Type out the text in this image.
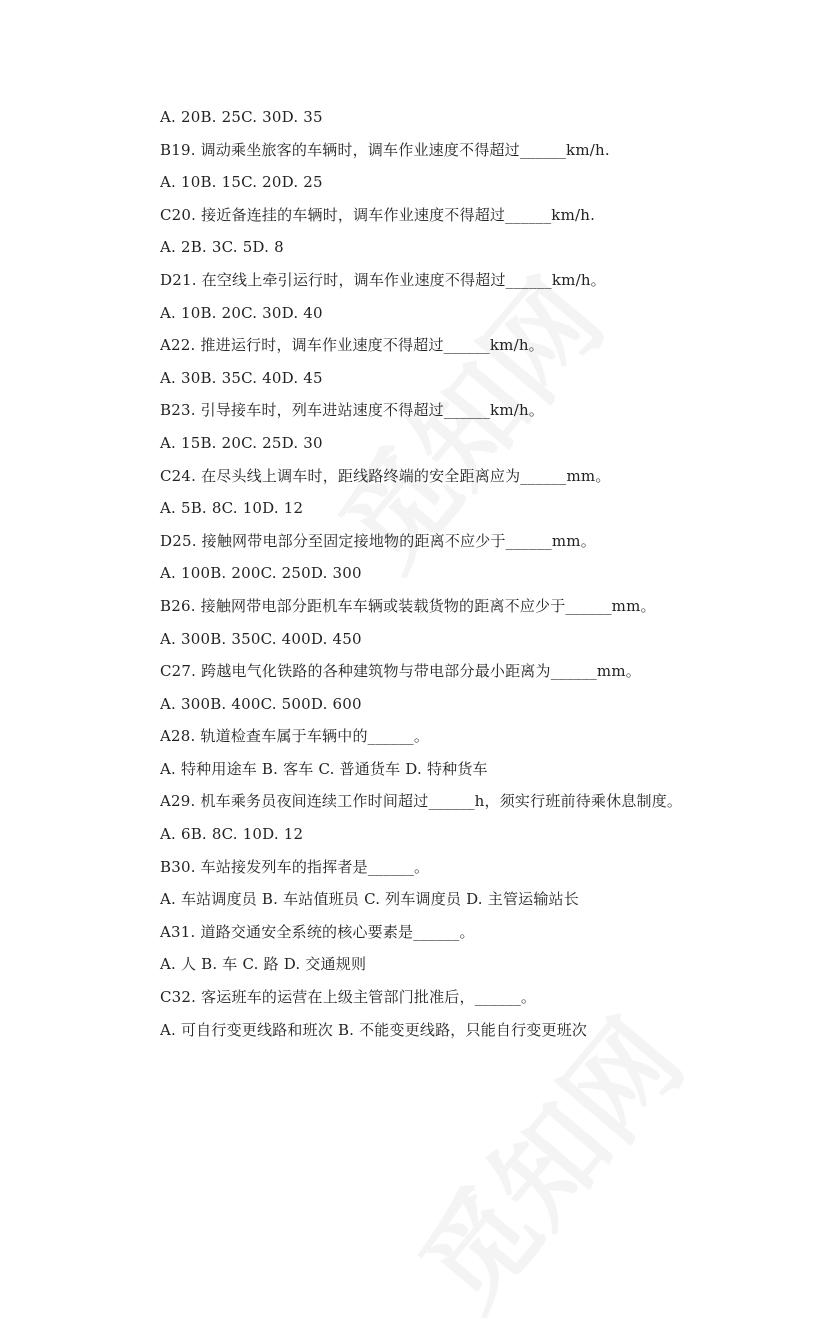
A. 20B. 25C. 30D. 35
B19. 调动乘坐旅客的车辆时，调车作业速度不得超过______km/h.
A. 10B. 15C. 20D. 25
C20. 接近备连挂的车辆时，调车作业速度不得超过______km/h.
A. 2B. 3C. 5D. 8
D21. 在空线上牵引运行时，调车作业速度不得超过______km/h。
A. 10B. 20C. 30D. 40
A22. 推进运行时，调车作业速度不得超过______km/h。
A. 30B. 35C. 40D. 45
B23. 引导接车时，列车进站速度不得超过______km/h。
A. 15B. 20C. 25D. 30
C24. 在尽头线上调车时，距线路终端的安全距离应为______mm。
A. 5B. 8C. 10D. 12
D25. 接触网带电部分至固定接地物的距离不应少于______mm。
A. 100B. 200C. 250D. 300
B26. 接触网带电部分距机车车辆或装载货物的距离不应少于______mm。
A. 300B. 350C. 400D. 450
C27. 跨越电气化铁路的各种建筑物与带电部分最小距离为______mm。
A. 300B. 400C. 500D. 600
A28. 轨道检查车属于车辆中的______。
A. 特种用途车 B. 客车 C. 普通货车 D. 特种货车
A29. 机车乘务员夜间连续工作时间超过______h，须实行班前待乘休息制度。
A. 6B. 8C. 10D. 12
B30. 车站接发列车的指挥者是______。
A. 车站调度员 B. 车站值班员 C. 列车调度员 D. 主管运输站长
A31. 道路交通安全系统的核心要素是______。
A. 人 B. 车 C. 路 D. 交通规则
C32. 客运班车的运营在上级主管部门批准后，______。
A. 可自行变更线路和班次 B. 不能变更线路，只能自行变更班次
